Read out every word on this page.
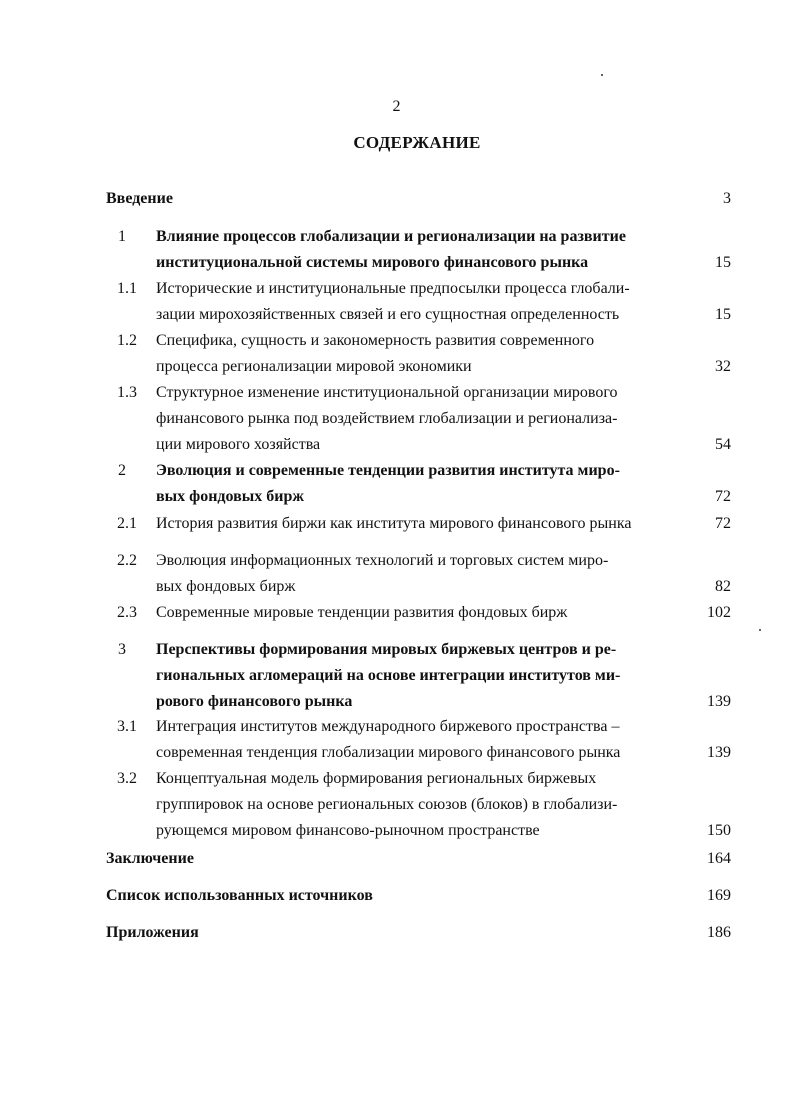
2
СОДЕРЖАНИЕ
Введение	3
1 Влияние процессов глобализации и регионализации на развитие
институциональной системы мирового финансового рынка	15
1.1 Исторические и институциональные предпосылки процесса глобали-
зации мирохозяйственных связей и его сущностная определенность	15
1.2 Специфика, сущность и закономерность развития современного
процесса регионализации мировой экономики	32
1.3 Структурное изменение институциональной организации мирового
финансового рынка под воздействием глобализации и регионализа-
ции мирового хозяйства	54
2 Эволюция и современные тенденции развития института миро-
вых фондовых бирж	72
2.1 История развития биржи как института мирового финансового рынка	72
2.2 Эволюция информационных технологий и торговых систем миро-
вых фондовых бирж	82
2.3 Современные мировые тенденции развития фондовых бирж	102
3 Перспективы формирования мировых биржевых центров и ре-
гиональных агломераций на основе интеграции институтов ми-
рового финансового рынка	139
3.1 Интеграция институтов международного биржевого пространства –
современная тенденция глобализации мирового финансового рынка	139
3.2 Концептуальная модель формирования региональных биржевых
группировок на основе региональных союзов (блоков) в глобализи-
рующемся мировом финансово-рыночном пространстве	150
Заключение	164
Список использованных источников	169
Приложения	186
